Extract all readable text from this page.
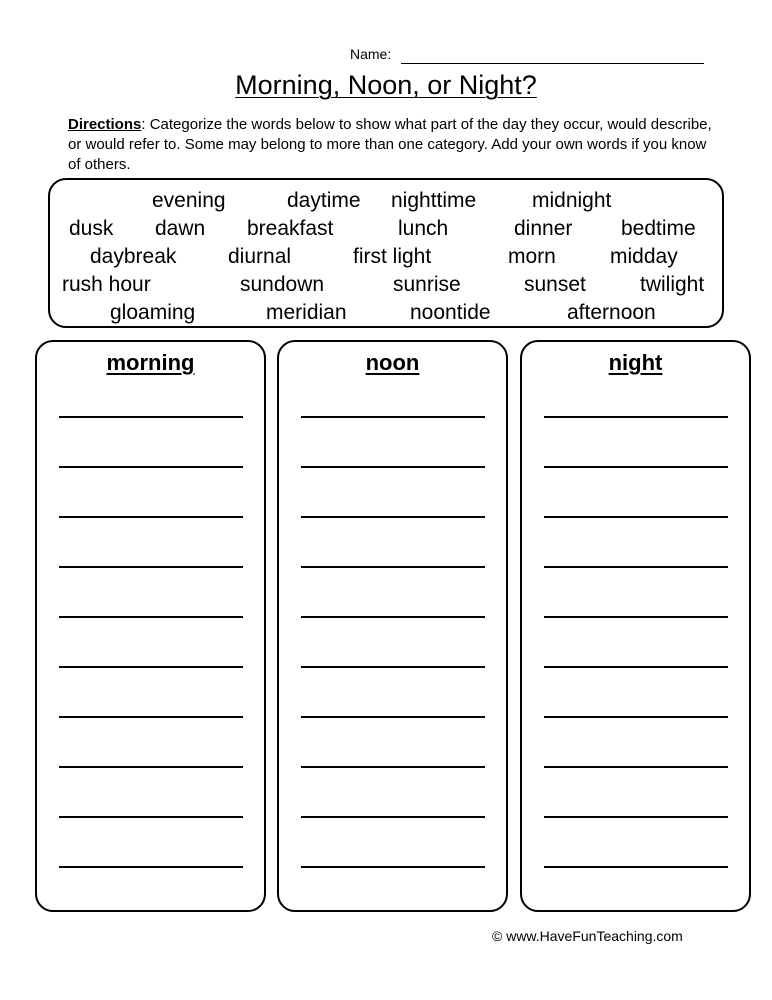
Name:
Morning, Noon, or Night?
Directions: Categorize the words below to show what part of the day they occur, would describe, or would refer to. Some may belong to more than one category. Add your own words if you know of others.
evening	daytime nighttime	midnight
dusk dawn breakfast	lunch	dinner bedtime
daybreak diurnal	first light	morn	midday
rush hour	sundown	sunrise	sunset	twilight
gloaming	meridian	noontide	afternoon
morning	noon	night
© www.HaveFunTeaching.com
